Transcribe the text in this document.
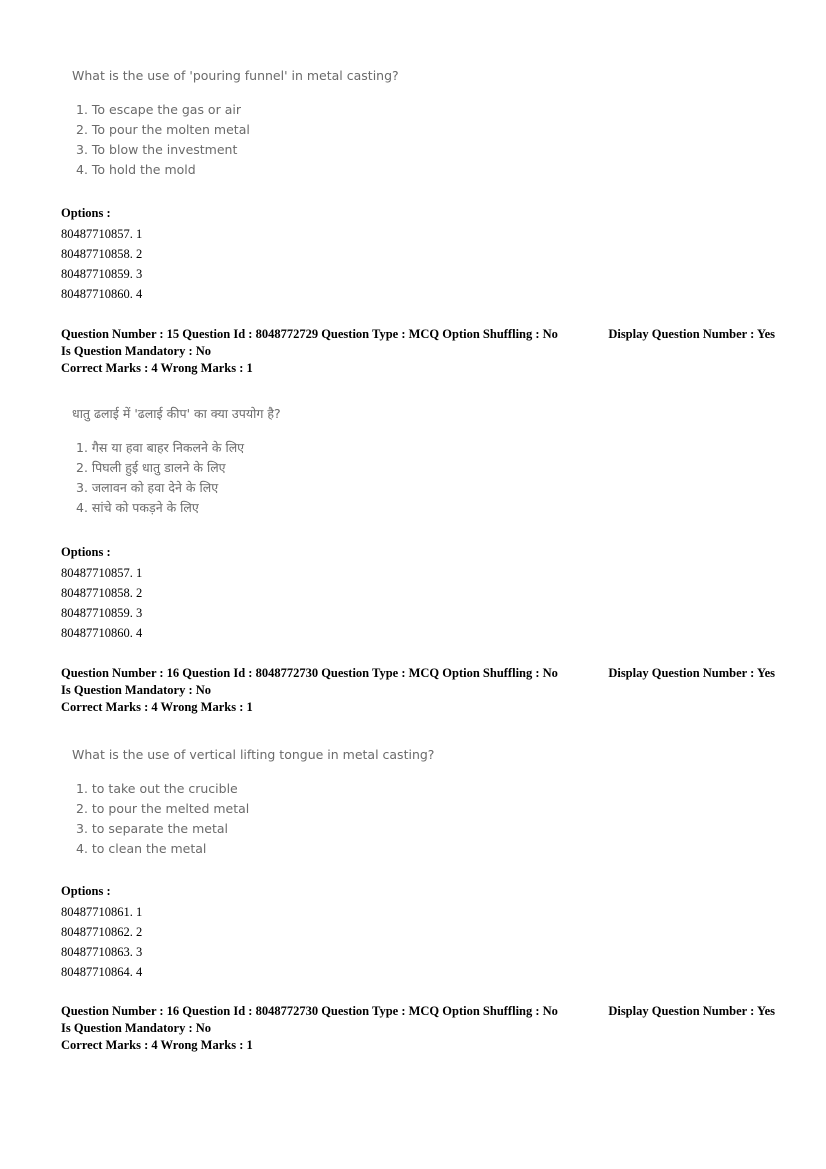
What is the use of 'pouring funnel' in metal casting?
1. To escape the gas or air
2. To pour the molten metal
3. To blow the investment
4. To hold the mold
Options :
80487710857. 1
80487710858. 2
80487710859. 3
80487710860. 4
Question Number : 15 Question Id : 8048772729 Question Type : MCQ Option Shuffling : No	Display Question Number : Yes
Is Question Mandatory : No
Correct Marks : 4 Wrong Marks : 1
धातु ढलाई में 'ढलाई कीप' का क्या उपयोग है?
1. गैस या हवा बाहर निकलने के लिए
2. पिघली हुई धातु डालने के लिए
3. जलावन को हवा देने के लिए
4. सांचे को पकड़ने के लिए
Options :
80487710857. 1
80487710858. 2
80487710859. 3
80487710860. 4
Question Number : 16 Question Id : 8048772730 Question Type : MCQ Option Shuffling : No	Display Question Number : Yes
Is Question Mandatory : No
Correct Marks : 4 Wrong Marks : 1
What is the use of vertical lifting tongue in metal casting?
1. to take out the crucible
2. to pour the melted metal
3. to separate the metal
4. to clean the metal
Options :
80487710861. 1
80487710862. 2
80487710863. 3
80487710864. 4
Question Number : 16 Question Id : 8048772730 Question Type : MCQ Option Shuffling : No	Display Question Number : Yes
Is Question Mandatory : No
Correct Marks : 4 Wrong Marks : 1
